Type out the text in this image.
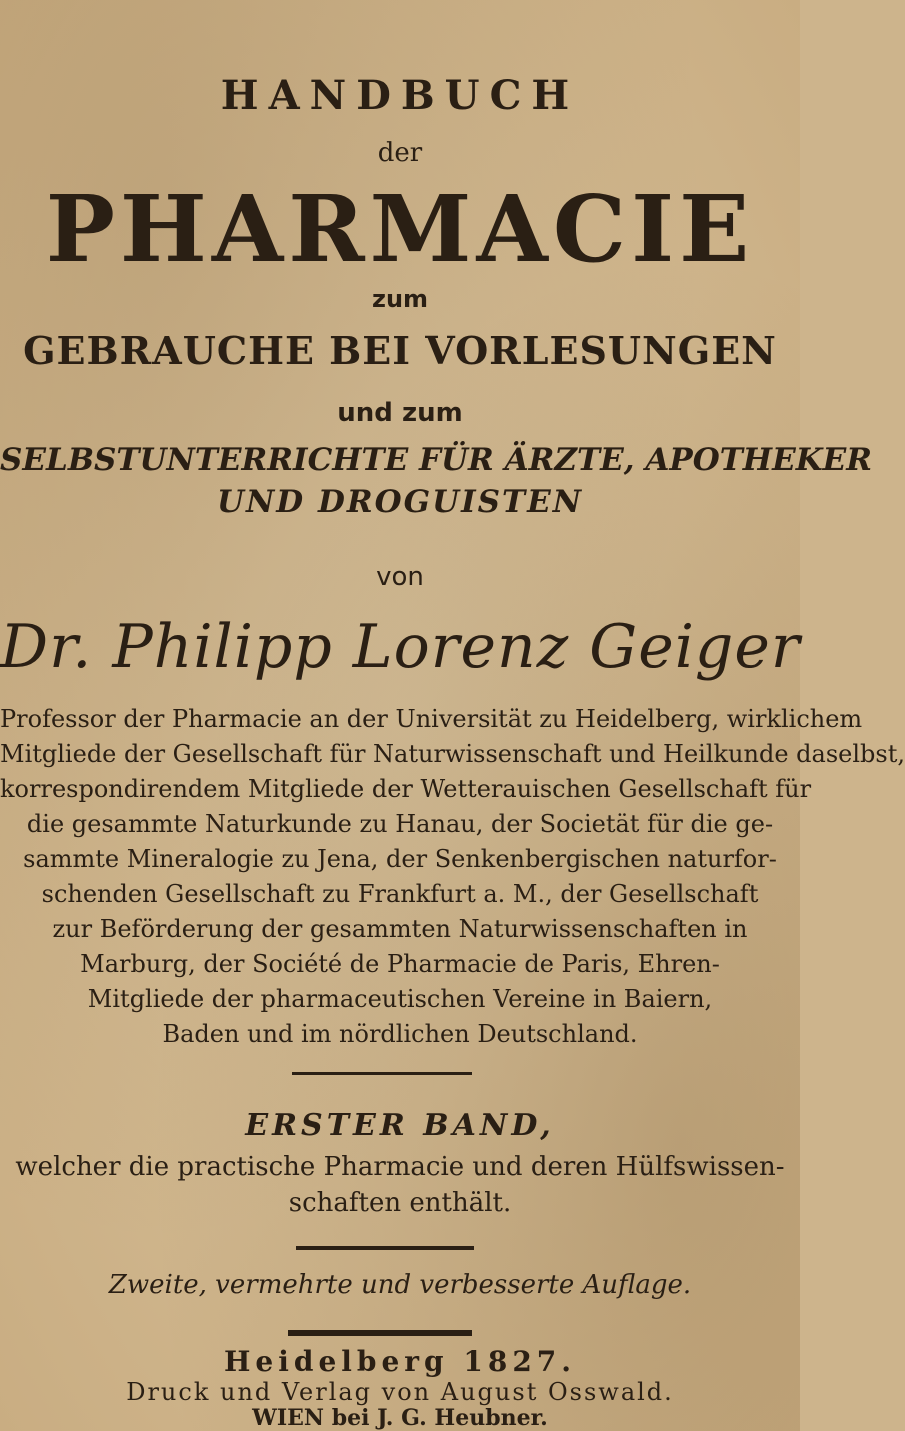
HANDBUCH
der
PHARMACIE
zum
GEBRAUCHE BEI VORLESUNGEN
und zum
SELBSTUNTERRICHTE FÜR ÄRZTE, APOTHEKER
UND DROGUISTEN
von
Dr. Philipp Lorenz Geiger
Professor der Pharmacie an der Universität zu Heidelberg, wirklichem
Mitgliede der Gesellschaft für Naturwissenschaft und Heilkunde daselbst,
korrespondirendem Mitgliede der Wetterauischen Gesellschaft für
die gesammte Naturkunde zu Hanau, der Societät für die ge-
sammte Mineralogie zu Jena, der Senkenbergischen naturfor-
schenden Gesellschaft zu Frankfurt a. M., der Gesellschaft
zur Beförderung der gesammten Naturwissenschaften in
Marburg, der Société de Pharmacie de Paris, Ehren-
Mitgliede der pharmaceutischen Vereine in Baiern,
Baden und im nördlichen Deutschland.
ERSTER BAND,
welcher die practische Pharmacie und deren Hülfswissen-
schaften enthält.
Zweite, vermehrte und verbesserte Auflage.
Heidelberg 1827.
Druck und Verlag von August Osswald.
WIEN bei J. G. Heubner.
